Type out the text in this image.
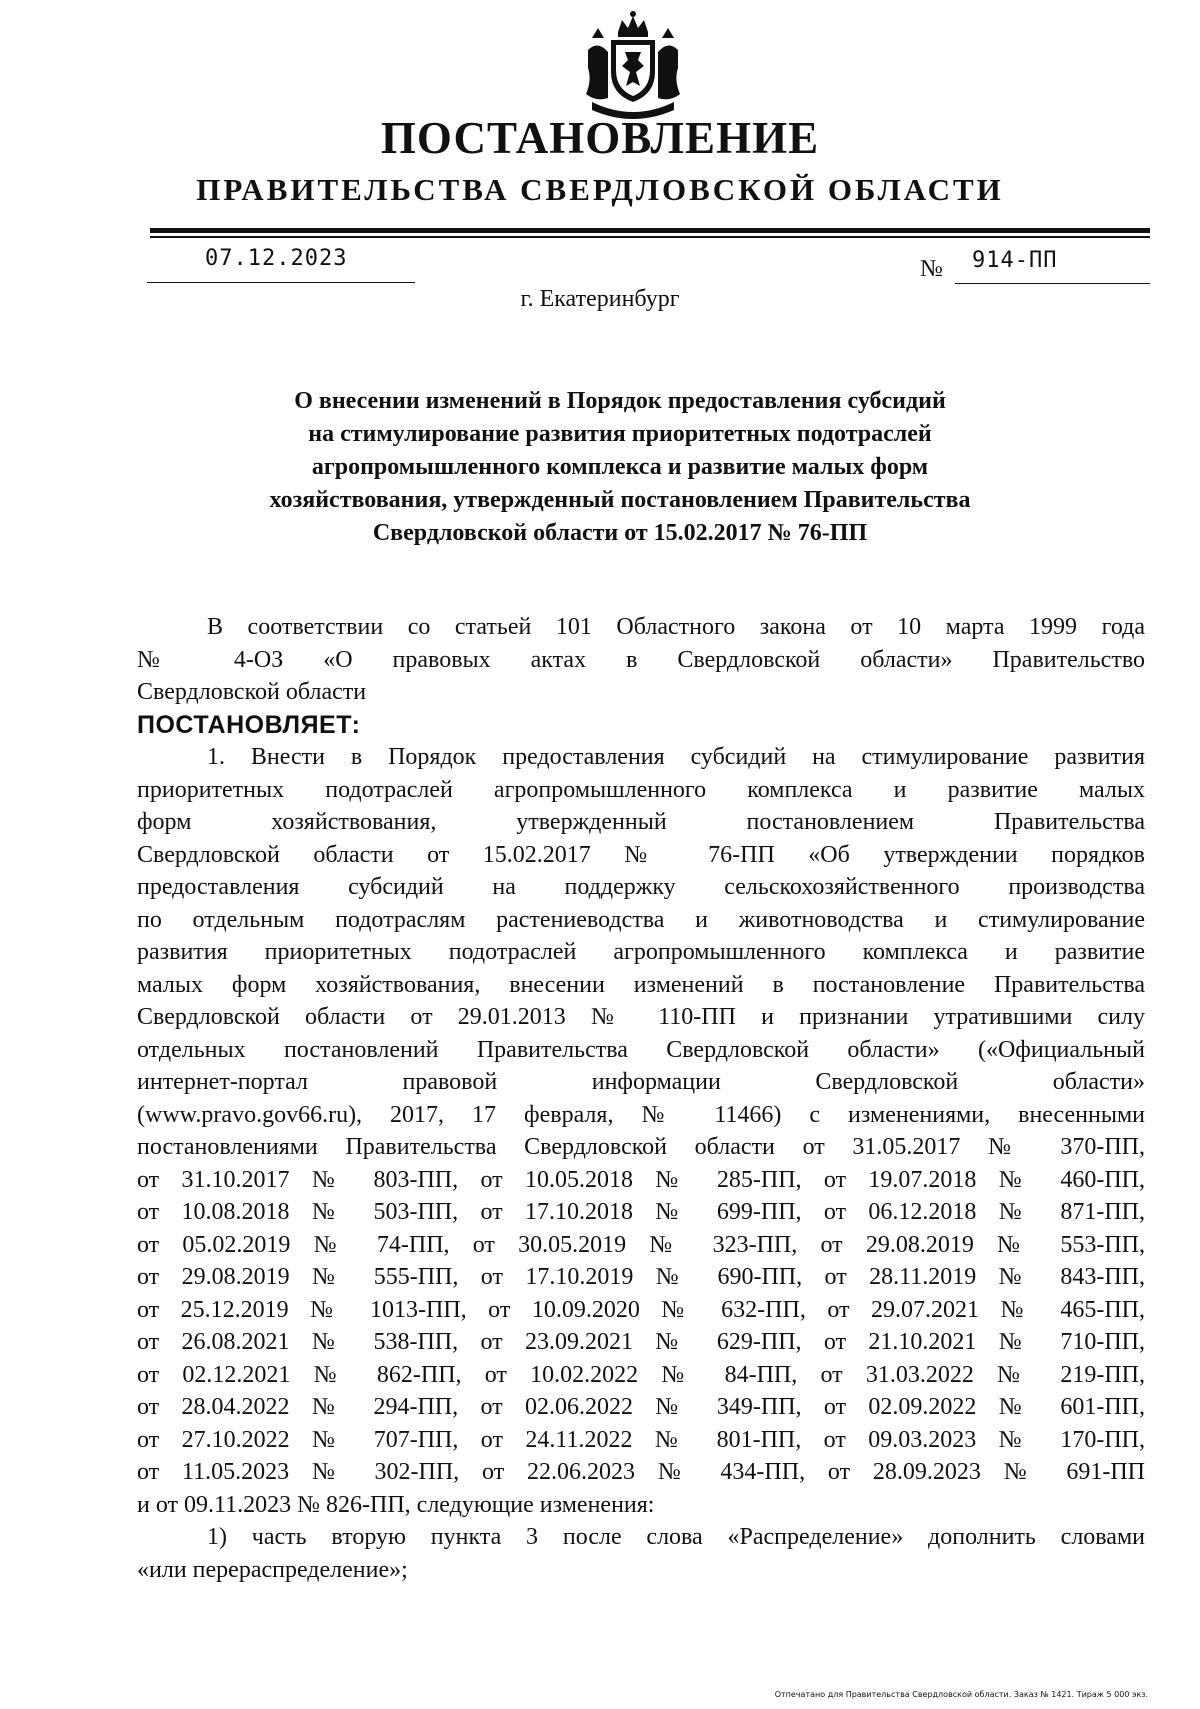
ПОСТАНОВЛЕНИЕ
ПРАВИТЕЛЬСТВА СВЕРДЛОВСКОЙ ОБЛАСТИ
07.12.2023	№ 914-ПП
г. Екатеринбург
О внесении изменений в Порядок предоставления субсидий
на стимулирование развития приоритетных подотраслей
агропромышленного комплекса и развитие малых форм
хозяйствования, утвержденный постановлением Правительства
Свердловской области от 15.02.2017 № 76-ПП
В соответствии со статьей 101 Областного закона от 10 марта 1999 года
№ 4-ОЗ «О правовых актах в Свердловской области» Правительство
Свердловской области
ПОСТАНОВЛЯЕТ:
1. Внести в Порядок предоставления субсидий на стимулирование развития
приоритетных подотраслей агропромышленного комплекса и развитие малых
форм хозяйствования, утвержденный постановлением Правительства
Свердловской области от 15.02.2017 № 76-ПП «Об утверждении порядков
предоставления субсидий на поддержку сельскохозяйственного производства
по отдельным подотраслям растениеводства и животноводства и стимулирование
развития приоритетных подотраслей агропромышленного комплекса и развитие
малых форм хозяйствования, внесении изменений в постановление Правительства
Свердловской области от 29.01.2013 № 110-ПП и признании утратившими силу
отдельных постановлений Правительства Свердловской области» («Официальный
интернет-портал правовой информации Свердловской области»
(www.pravo.gov66.ru), 2017, 17 февраля, № 11466) с изменениями, внесенными
постановлениями Правительства Свердловской области от 31.05.2017 № 370-ПП,
от 31.10.2017 № 803-ПП, от 10.05.2018 № 285-ПП, от 19.07.2018 № 460-ПП,
от 10.08.2018 № 503-ПП, от 17.10.2018 № 699-ПП, от 06.12.2018 № 871-ПП,
от 05.02.2019 № 74-ПП, от 30.05.2019 № 323-ПП, от 29.08.2019 № 553-ПП,
от 29.08.2019 № 555-ПП, от 17.10.2019 № 690-ПП, от 28.11.2019 № 843-ПП,
от 25.12.2019 № 1013-ПП, от 10.09.2020 № 632-ПП, от 29.07.2021 № 465-ПП,
от 26.08.2021 № 538-ПП, от 23.09.2021 № 629-ПП, от 21.10.2021 № 710-ПП,
от 02.12.2021 № 862-ПП, от 10.02.2022 № 84-ПП, от 31.03.2022 № 219-ПП,
от 28.04.2022 № 294-ПП, от 02.06.2022 № 349-ПП, от 02.09.2022 № 601-ПП,
от 27.10.2022 № 707-ПП, от 24.11.2022 № 801-ПП, от 09.03.2023 № 170-ПП,
от 11.05.2023 № 302-ПП, от 22.06.2023 № 434-ПП, от 28.09.2023 № 691-ПП
и от 09.11.2023 № 826-ПП, следующие изменения:
1) часть вторую пункта 3 после слова «Распределение» дополнить словами
«или перераспределение»;
Отпечатано для Правительства Свердловской области. Заказ № 1421. Тираж 5 000 экз.
